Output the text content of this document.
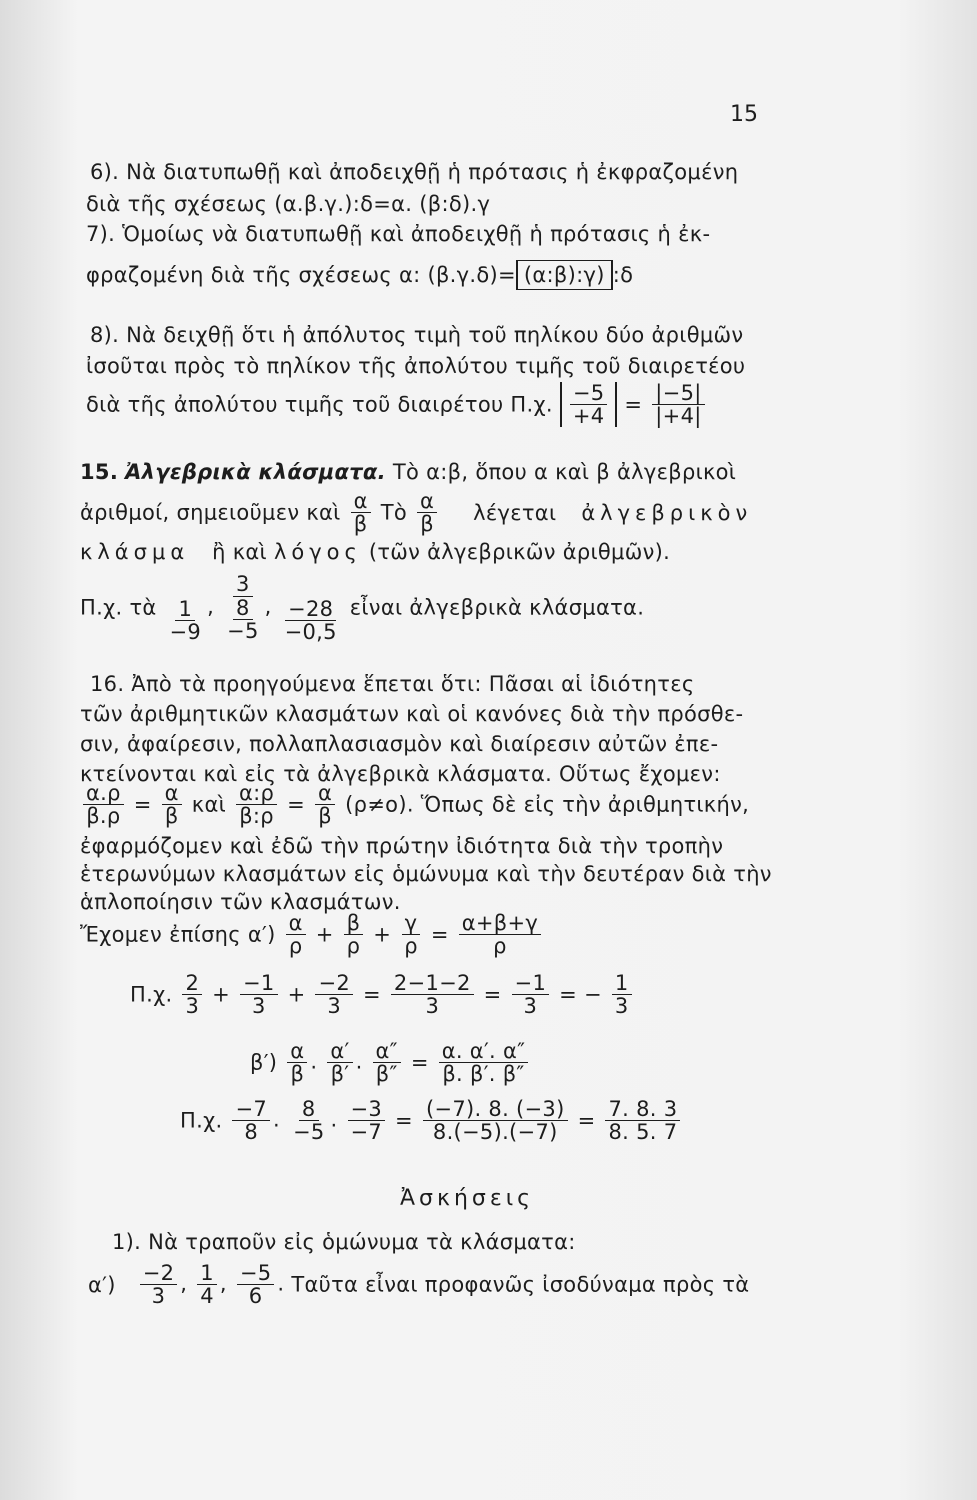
15
6). Νὰ διατυπωθῇ καὶ ἀποδειχθῇ ἡ πρότασις ἡ ἐκφραζομένη
διὰ τῆς σχέσεως (α.β.γ.):δ=α. (β:δ).γ
7). Ὁμοίως νὰ διατυπωθῇ καὶ ἀποδειχθῇ ἡ πρότασις ἡ ἐκ-
φραζομένη διὰ τῆς σχέσεως α: (β.γ.δ)= (α:β):γ) :δ
8). Νὰ δειχθῇ ὅτι ἡ ἀπόλυτος τιμὴ τοῦ πηλίκου δύο ἀριθμῶν
ἰσοῦται πρὸς τὸ πηλίκον τῆς ἀπολύτου τιμῆς τοῦ διαιρετέου
διὰ τῆς ἀπολύτου τιμῆς τοῦ διαιρέτου Π.χ. $\frac{-5}{+4} = \frac{|-5|}{|+4|}$
15. Ἀλγεβρικὰ κλάσματα. Τὸ α:β, ὅπου α καὶ β ἀλγεβρικοὶ
ἀριθμοί, σημειοῦμεν καὶ $\frac{\alpha}{\beta}$ Τὸ $\frac{\alpha}{\beta}$ λέγεται ἀλγεβρικὸν
κλάσμα ἢ καὶ λόγος (τῶν ἀλγεβρικῶν ἀριθμῶν).
Π.χ. τὰ $\frac{1}{-9}$ ,
3
8
−5
, $\frac{-28}{-0,5}$ εἶναι ἀλγεβρικὰ κλάσματα.
16. Ἀπὸ τὰ προηγούμενα ἕπεται ὅτι: Πᾶσαι αἱ ἰδιότητες
τῶν ἀριθμητικῶν κλασμάτων καὶ οἱ κανόνες διὰ τὴν πρόσθε-
σιν, ἀφαίρεσιν, πολλαπλασιασμὸν καὶ διαίρεσιν αὐτῶν ἐπε-
κτείνονται καὶ εἰς τὰ ἀλγεβρικὰ κλάσματα. Οὕτως ἔχομεν:
$\frac{\alpha.\rho}{\beta.\rho} = \frac{\alpha}{\beta}$ καὶ $\frac{\alpha:\rho}{\beta:\rho} = \frac{\alpha}{\beta} (\rho\ne o)$. Ὅπως δὲ εἰς τὴν ἀριθμητικήν,
ἐφαρμόζομεν καὶ ἐδῶ τὴν πρώτην ἰδιότητα διὰ τὴν τροπὴν
ἑτερωνύμων κλασμάτων εἰς ὁμώνυμα καὶ τὴν δευτέραν διὰ τὴν
ἁπλοποίησιν τῶν κλασμάτων.
Ἔχομεν ἐπίσης $\alpha') \frac{\alpha}{\rho} + \frac{\beta}{\rho} + \frac{\gamma}{\rho} = \frac{\alpha+\beta+\gamma}{\rho}$
Π.χ. $\frac{2}{3} + \frac{-1}{3} + \frac{-2}{3} = \frac{2-1-2}{3} = \frac{-1}{3}$ = − $\frac{1}{3}$
$\beta') \frac{\alpha}{\beta}$ . $\frac{\alpha'}{\beta'}$ . $\frac{\alpha''}{\beta''} = \frac{\alpha. \alpha'. \alpha''}{\beta. \beta'. \beta''}$
Π.χ. $\frac{-7}{8}$ . $\frac{8}{-5}$ . $\frac{-3}{-7} = \frac{(-7). 8. (-3)}{8.(-5).(-7)} = \frac{7. 8. 3}{8. 5. 7}$
Ἀσκήσεις
1). Νὰ τραποῦν εἰς ὁμώνυμα τὰ κλάσματα:
$\alpha') \frac{-2}{3}$ , $\frac{1}{4}$ , $\frac{-5}{6}$ . Ταῦτα εἶναι προφανῶς ἰσοδύναμα πρὸς τὰ
